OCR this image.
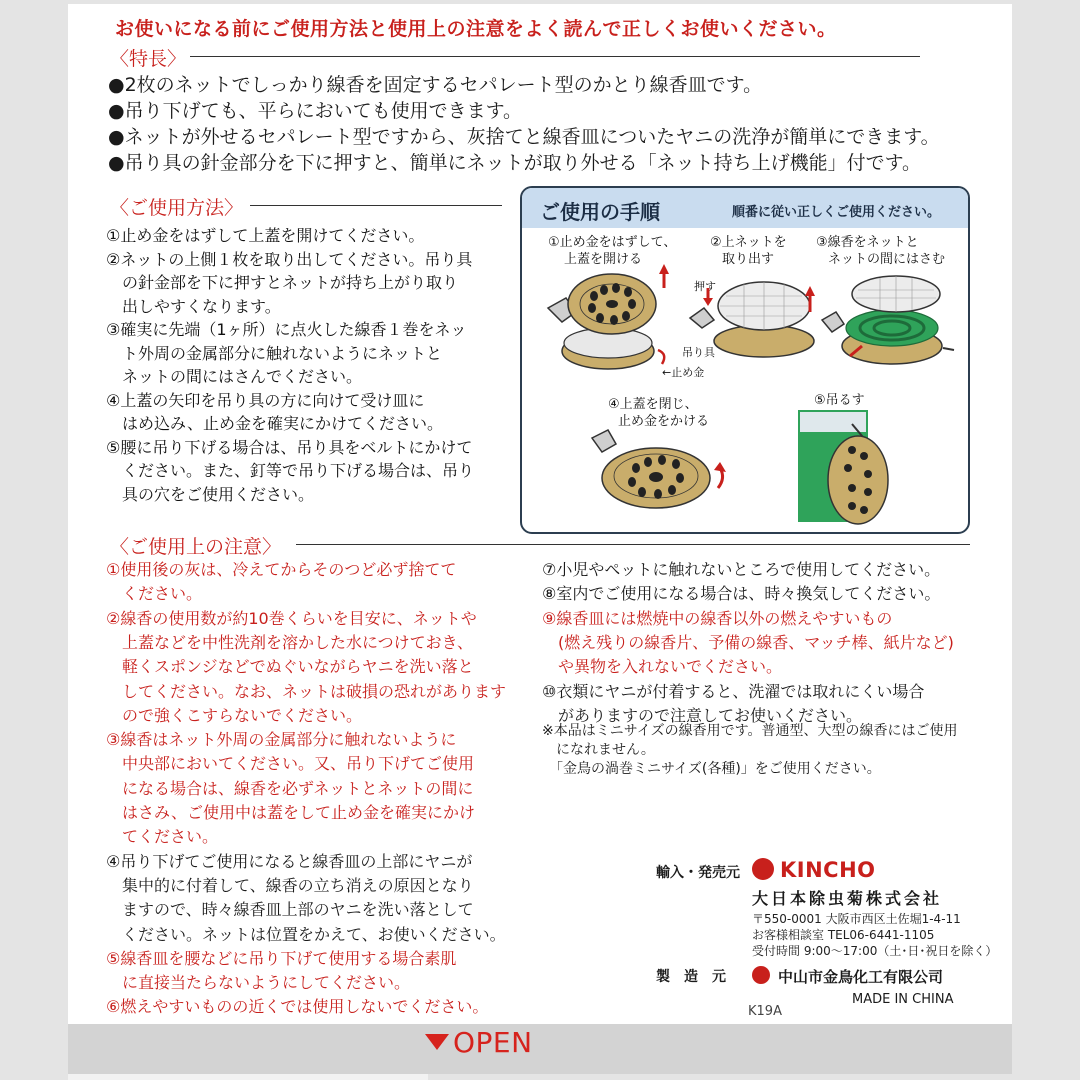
お使いになる前にご使用方法と使用上の注意をよく読んで正しくお使いください。
〈特長〉
●2枚のネットでしっかり線香を固定するセパレート型のかとり線香皿です。
●吊り下げても、平らにおいても使用できます。
●ネットが外せるセパレート型ですから、灰捨てと線香皿についたヤニの洗浄が簡単にできます。
●吊り具の針金部分を下に押すと、簡単にネットが取り外せる「ネット持ち上げ機能」付です。
〈ご使用方法〉
①止め金をはずして上蓋を開けてください。
②ネットの上側１枚を取り出してください。吊り具
　の針金部を下に押すとネットが持ち上がり取り
　出しやすくなります。
③確実に先端（1ヶ所）に点火した線香１巻をネッ
　ト外周の金属部分に触れないようにネットと
　ネットの間にはさんでください。
④上蓋の矢印を吊り具の方に向けて受け皿に
　はめ込み、止め金を確実にかけてください。
⑤腰に吊り下げる場合は、吊り具をベルトにかけて
　ください。また、釘等で吊り下げる場合は、吊り
　具の穴をご使用ください。
ご使用の手順	順番に従い正しくご使用ください。
①止め金をはずして、
上蓋を開ける
②上ネットを
取り出す
③線香をネットと
ネットの間にはさむ
押す
吊り具
←止め金
④上蓋を閉じ、
止め金をかける
⑤吊るす
〈ご使用上の注意〉
①使用後の灰は、冷えてからそのつど必ず捨てて
　ください。
②線香の使用数が約10巻くらいを目安に、ネットや
　上蓋などを中性洗剤を溶かした水につけておき、
　軽くスポンジなどでぬぐいながらヤニを洗い落と
　してください。なお、ネットは破損の恐れがあります
　ので強くこすらないでください。
③線香はネット外周の金属部分に触れないように
　中央部においてください。又、吊り下げてご使用
　になる場合は、線香を必ずネットとネットの間に
　はさみ、ご使用中は蓋をして止め金を確実にかけ
　てください。
④吊り下げてご使用になると線香皿の上部にヤニが
　集中的に付着して、線香の立ち消えの原因となり
　ますので、時々線香皿上部のヤニを洗い落として
　ください。ネットは位置をかえて、お使いください。
⑤線香皿を腰などに吊り下げて使用する場合素肌
　に直接当たらないようにしてください。
⑥燃えやすいものの近くでは使用しないでください。
⑦小児やペットに触れないところで使用してください。
⑧室内でご使用になる場合は、時々換気してください。
⑨線香皿には燃焼中の線香以外の燃えやすいもの
　(燃え残りの線香片、予備の線香、マッチ棒、紙片など)
　や異物を入れないでください。
⑩衣類にヤニが付着すると、洗濯では取れにくい場合
　がありますので注意してお使いください。
※本品はミニサイズの線香用です。普通型、大型の線香にはご使用
　になれません。
　「金鳥の渦巻ミニサイズ(各種)」をご使用ください。
輸入・発売元 KINCHO
大日本除虫菊株式会社
〒550-0001 大阪市西区土佐堀1-4-11
お客様相談室 TEL06-6441-1105
受付時間 9:00～17:00（土･日･祝日を除く）
製　造　元	中山市金鳥化工有限公司
MADE IN CHINA
K19A
OPEN
